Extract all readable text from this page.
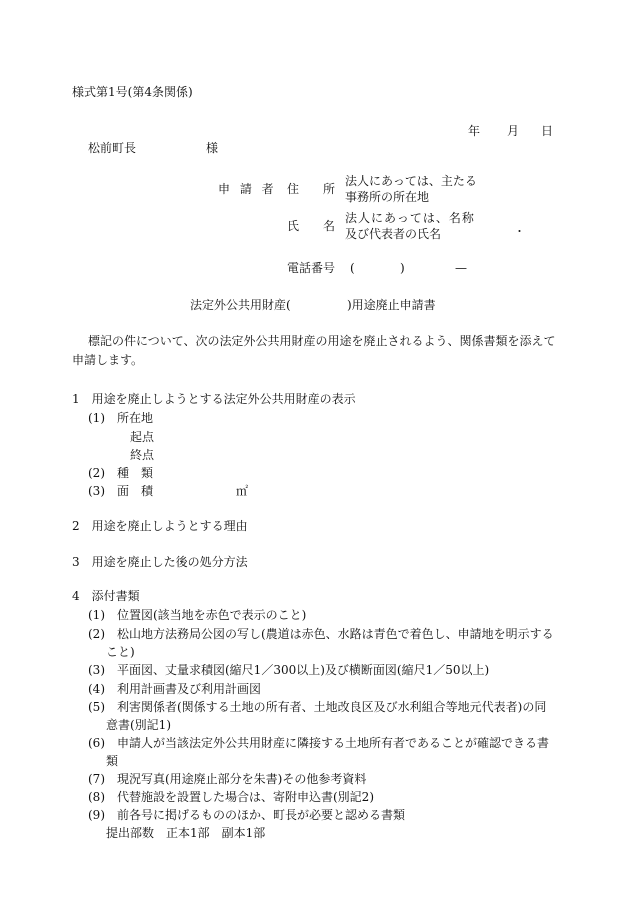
様式第1号(第4条関係)
年 月 日
松前町長	様
申 請 者 住 所
法人にあっては、主たる
事務所の所在地
氏 名
法人にあっては、名称
及び代表者の氏名	・
電話番号 (	)	—
法定外公共用財産(	)用途廃止申請書
標記の件について、次の法定外公共用財産の用途を廃止されるよう、関係書類を添えて
申請します。
1　用途を廃止しようとする法定外公共用財産の表示
(1)　所在地
起点
終点
(2)　種　類
(3)　面　積	㎡
2　用途を廃止しようとする理由
3　用途を廃止した後の処分方法
4　添付書類
(1)　位置図(該当地を赤色で表示のこと)
(2)　松山地方法務局公図の写し(農道は赤色、水路は青色で着色し、申請地を明示する
こと)
(3)　平面図、丈量求積図(縮尺1／300以上)及び横断面図(縮尺1／50以上)
(4)　利用計画書及び利用計画図
(5)　利害関係者(関係する土地の所有者、土地改良区及び水利組合等地元代表者)の同
意書(別記1)
(6)　申請人が当該法定外公共用財産に隣接する土地所有者であることが確認できる書
類
(7)　現況写真(用途廃止部分を朱書)その他参考資料
(8)　代替施設を設置した場合は、寄附申込書(別記2)
(9)　前各号に掲げるもののほか、町長が必要と認める書類
提出部数　正本1部　副本1部
